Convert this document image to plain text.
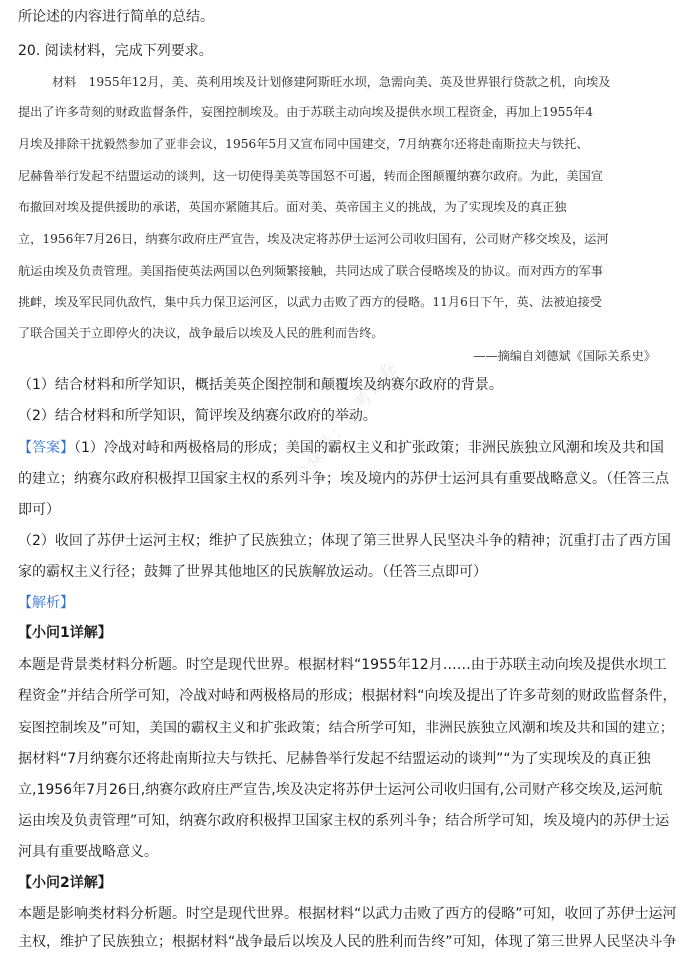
所论述的内容进行简单的总结。
20. 阅读材料，完成下列要求。
材料　1955年12月，美、英利用埃及计划修建阿斯旺水坝，急需向美、英及世界银行贷款之机，向埃及
提出了许多苛刻的财政监督条件，妄图控制埃及。由于苏联主动向埃及提供水坝工程资金，再加上1955年4
月埃及排除干扰毅然参加了亚非会议，1956年5月又宣布同中国建交，7月纳赛尔还将赴南斯拉夫与铁托、
尼赫鲁举行发起不结盟运动的谈判，这一切使得美英等国怒不可遏，转而企图颠覆纳赛尔政府。为此，美国宣
布撤回对埃及提供援助的承诺，英国亦紧随其后。面对美、英帝国主义的挑战，为了实现埃及的真正独
立，1956年7月26日，纳赛尔政府庄严宣告，埃及决定将苏伊士运河公司收归国有，公司财产移交埃及，运河
航运由埃及负责管理。美国指使英法两国以色列频繁接触，共同达成了联合侵略埃及的协议。而对西方的军事
挑衅，埃及军民同仇敌忾，集中兵力保卫运河区，以武力击败了西方的侵略。11月6日下午，英、法被迫接受
了联合国关于立即停火的决议，战争最后以埃及人民的胜利而告终。
——摘编自刘德斌《国际关系史》
（1）结合材料和所学知识，概括美英企图控制和颠覆埃及纳赛尔政府的背景。
（2）结合材料和所学知识，简评埃及纳赛尔政府的举动。
【答案】（1）冷战对峙和两极格局的形成；美国的霸权主义和扩张政策；非洲民族独立风潮和埃及共和国
的建立；纳赛尔政府积极捍卫国家主权的系列斗争；埃及境内的苏伊士运河具有重要战略意义。（任答三点
即可）
（2）收回了苏伊士运河主权；维护了民族独立；体现了第三世界人民坚决斗争的精神；沉重打击了西方国
家的霸权主义行径；鼓舞了世界其他地区的民族解放运动。（任答三点即可）
【解析】
【小问1详解】
本题是背景类材料分析题。时空是现代世界。根据材料“1955年12月……由于苏联主动向埃及提供水坝工
程资金”并结合所学可知，冷战对峙和两极格局的形成；根据材料“向埃及提出了许多苛刻的财政监督条件，
妄图控制埃及”可知，美国的霸权主义和扩张政策；结合所学可知，非洲民族独立风潮和埃及共和国的建立；
据材料“7月纳赛尔还将赴南斯拉夫与铁托、尼赫鲁举行发起不结盟运动的谈判”“为了实现埃及的真正独
立,1956年7月26日,纳赛尔政府庄严宣告,埃及决定将苏伊士运河公司收归国有,公司财产移交埃及,运河航
运由埃及负责管理”可知，纳赛尔政府积极捍卫国家主权的系列斗争；结合所学可知，埃及境内的苏伊士运
河具有重要战略意义。
【小问2详解】
本题是影响类材料分析题。时空是现代世界。根据材料“以武力击败了西方的侵略”可知，收回了苏伊士运河
主权，维护了民族独立；根据材料“战争最后以埃及人民的胜利而告终”可知，体现了第三世界人民坚决斗争
公众号：高考试卷
